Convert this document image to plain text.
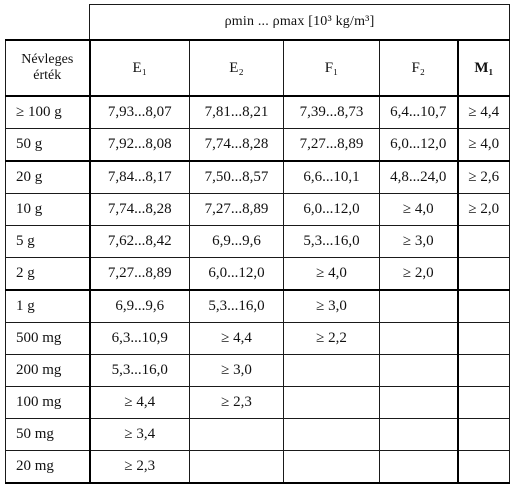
	ρmin ... ρmax [10³ kg/m³]				
Névleges
érték	E₁	E₂	F₁	F₂	M₁
≥ 100 g	7,93...8,07	7,81...8,21	7,39...8,73	6,4...10,7	≥ 4,4
50 g	7,92...8,08	7,74...8,28	7,27...8,89	6,0...12,0	≥ 4,0
20 g	7,84...8,17	7,50...8,57	6,6...10,1	4,8...24,0	≥ 2,6
10 g	7,74...8,28	7,27...8,89	6,0...12,0	≥ 4,0	≥ 2,0
5 g	7,62...8,42	6,9...9,6	5,3...16,0	≥ 3,0	
2 g	7,27...8,89	6,0...12,0	≥ 4,0	≥ 2,0	
1 g	6,9...9,6	5,3...16,0	≥ 3,0		
500 mg	6,3...10,9	≥ 4,4	≥ 2,2		
200 mg	5,3...16,0	≥ 3,0			
100 mg	≥ 4,4	≥ 2,3			
50 mg	≥ 3,4				
20 mg	≥ 2,3				
